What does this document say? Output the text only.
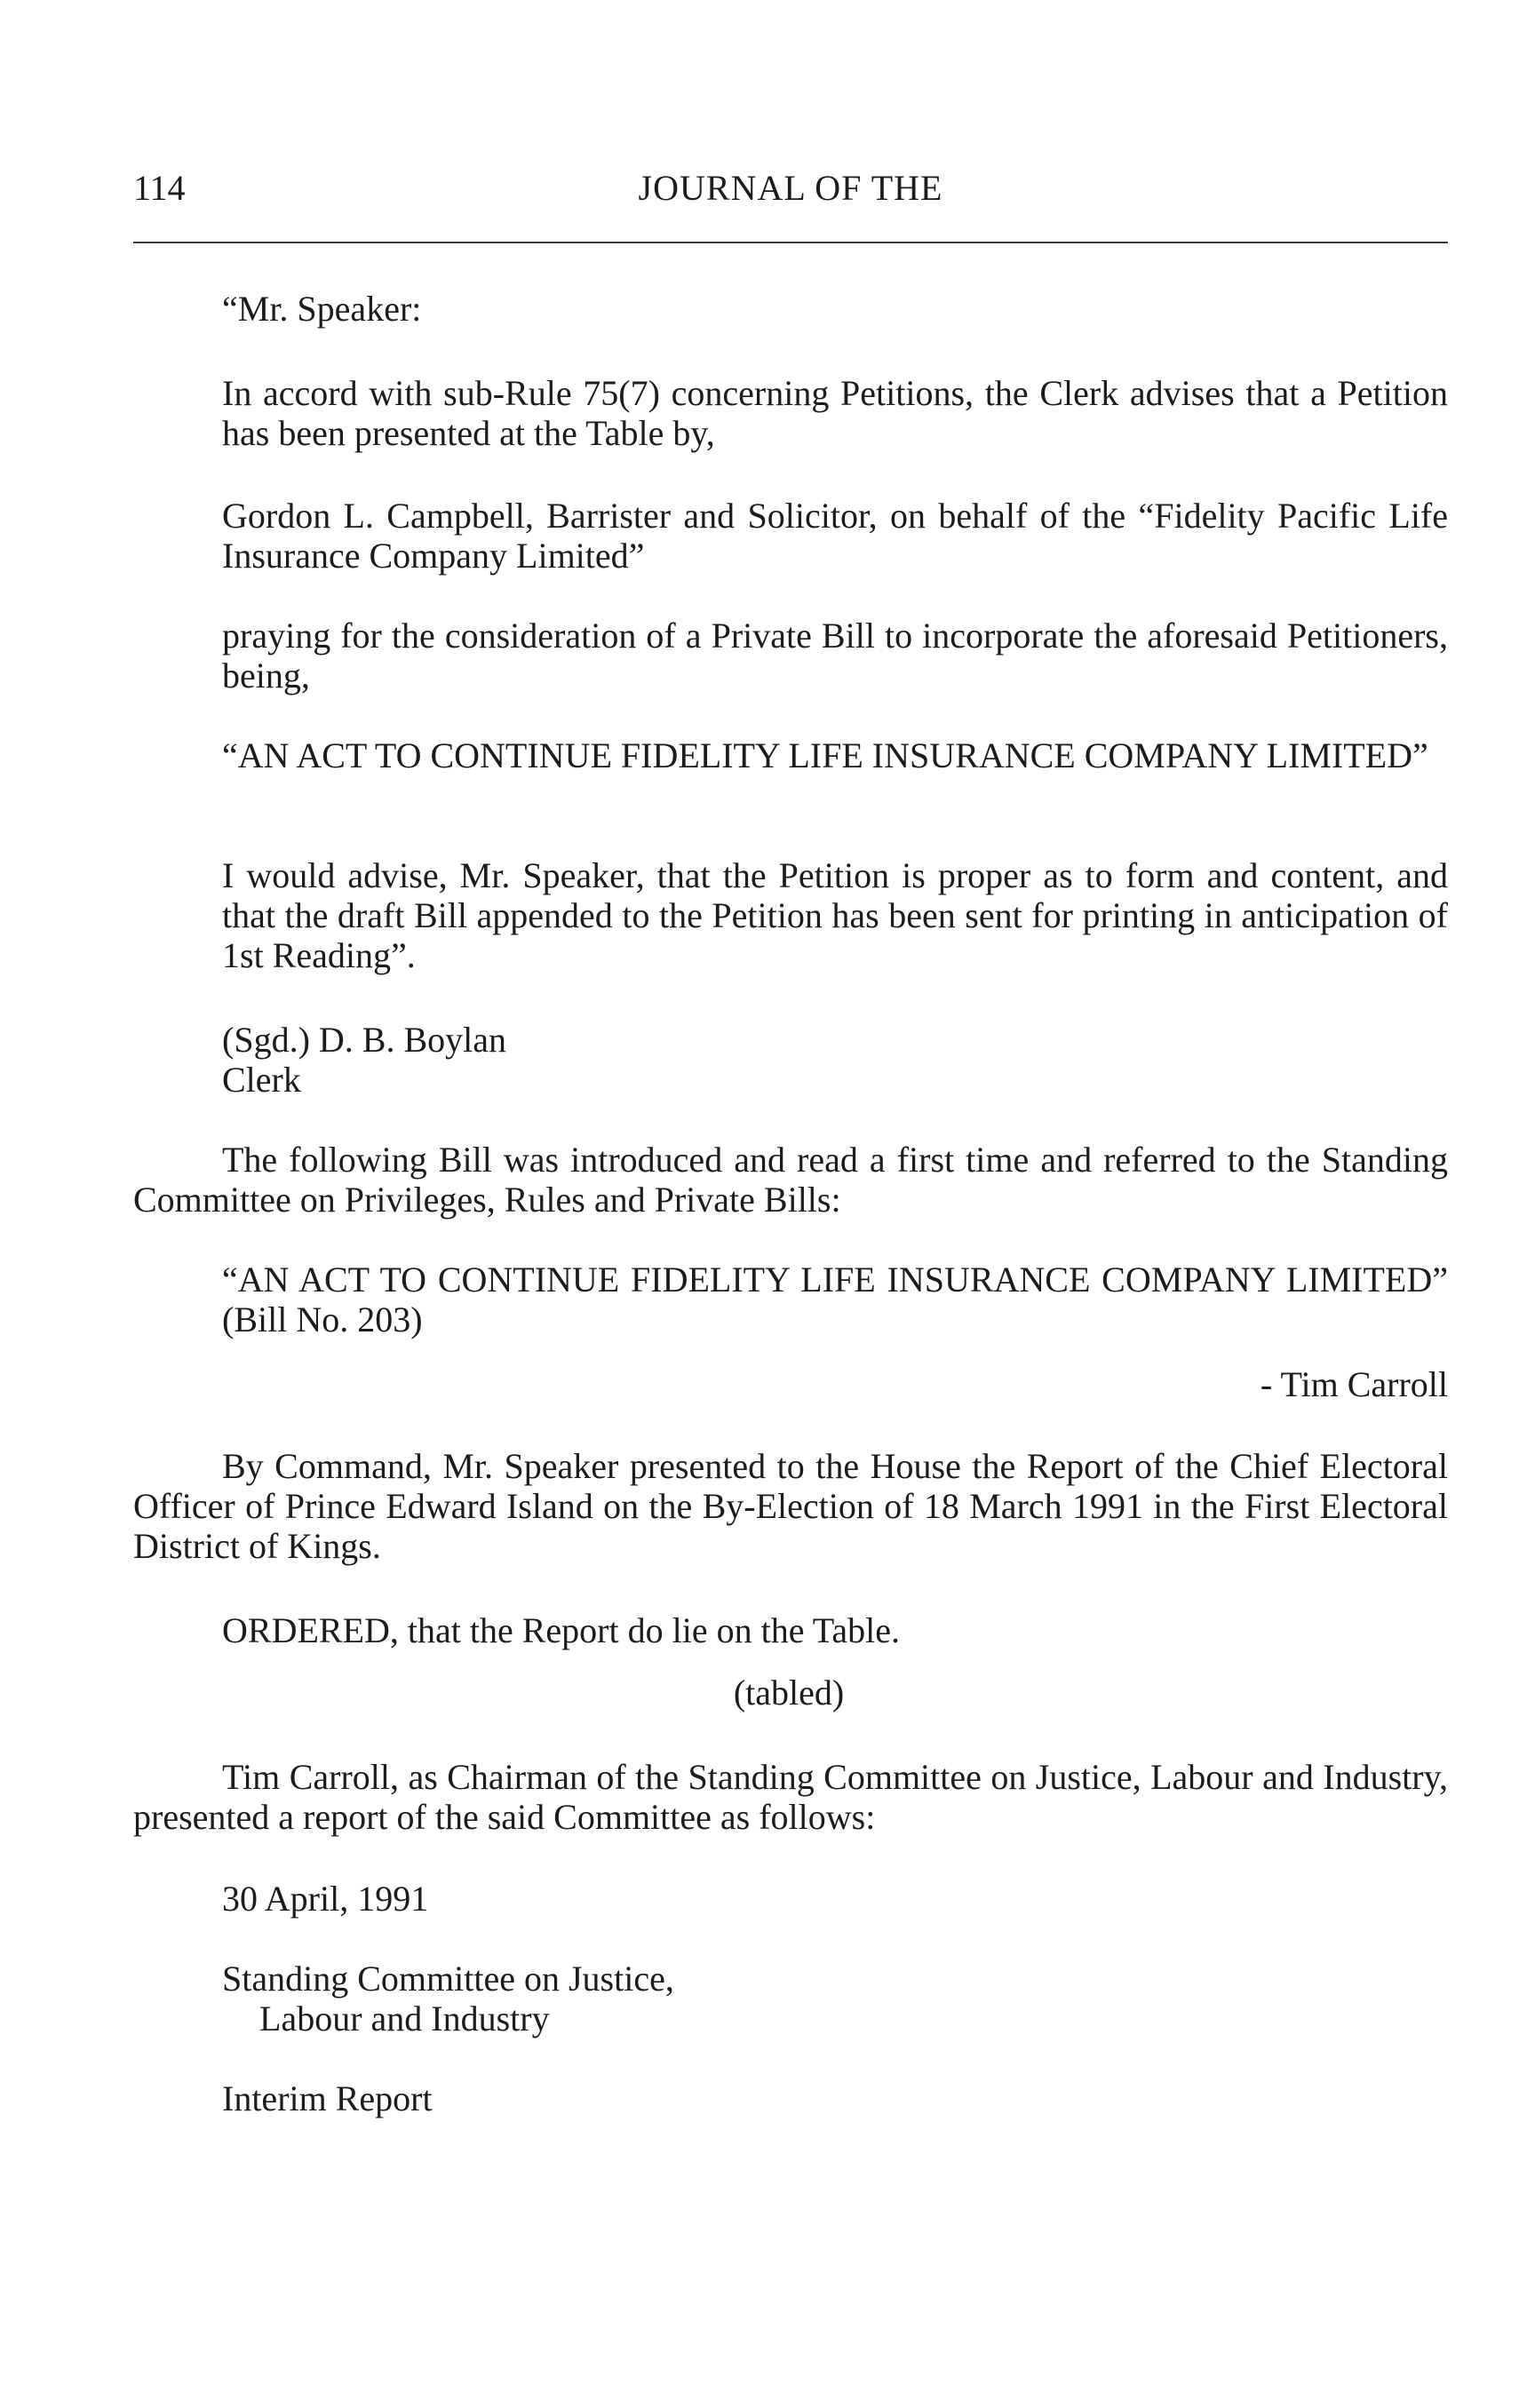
114	JOURNAL OF THE

“Mr. Speaker:

In accord with sub-Rule 75(7) concerning Petitions, the Clerk advises that a Petition has been presented at the Table by,

Gordon L. Campbell, Barrister and Solicitor, on behalf of the “Fidelity Pacific Life Insurance Company Limited”

praying for the consideration of a Private Bill to incorporate the aforesaid Petitioners, being,

“AN ACT TO CONTINUE FIDELITY LIFE INSURANCE COMPANY LIMITED”

I would advise, Mr. Speaker, that the Petition is proper as to form and content, and that the draft Bill appended to the Petition has been sent for printing in anticipation of 1st Reading”.

(Sgd.) D. B. Boylan
Clerk

The following Bill was introduced and read a first time and referred to the Standing Committee on Privileges, Rules and Private Bills:

“AN ACT TO CONTINUE FIDELITY LIFE INSURANCE COMPANY LIMITED” (Bill No. 203)

- Tim Carroll

By Command, Mr. Speaker presented to the House the Report of the Chief Electoral Officer of Prince Edward Island on the By-Election of 18 March 1991 in the First Electoral District of Kings.

ORDERED, that the Report do lie on the Table.

(tabled)

Tim Carroll, as Chairman of the Standing Committee on Justice, Labour and Industry, presented a report of the said Committee as follows:

30 April, 1991

Standing Committee on Justice,
Labour and Industry

Interim Report
